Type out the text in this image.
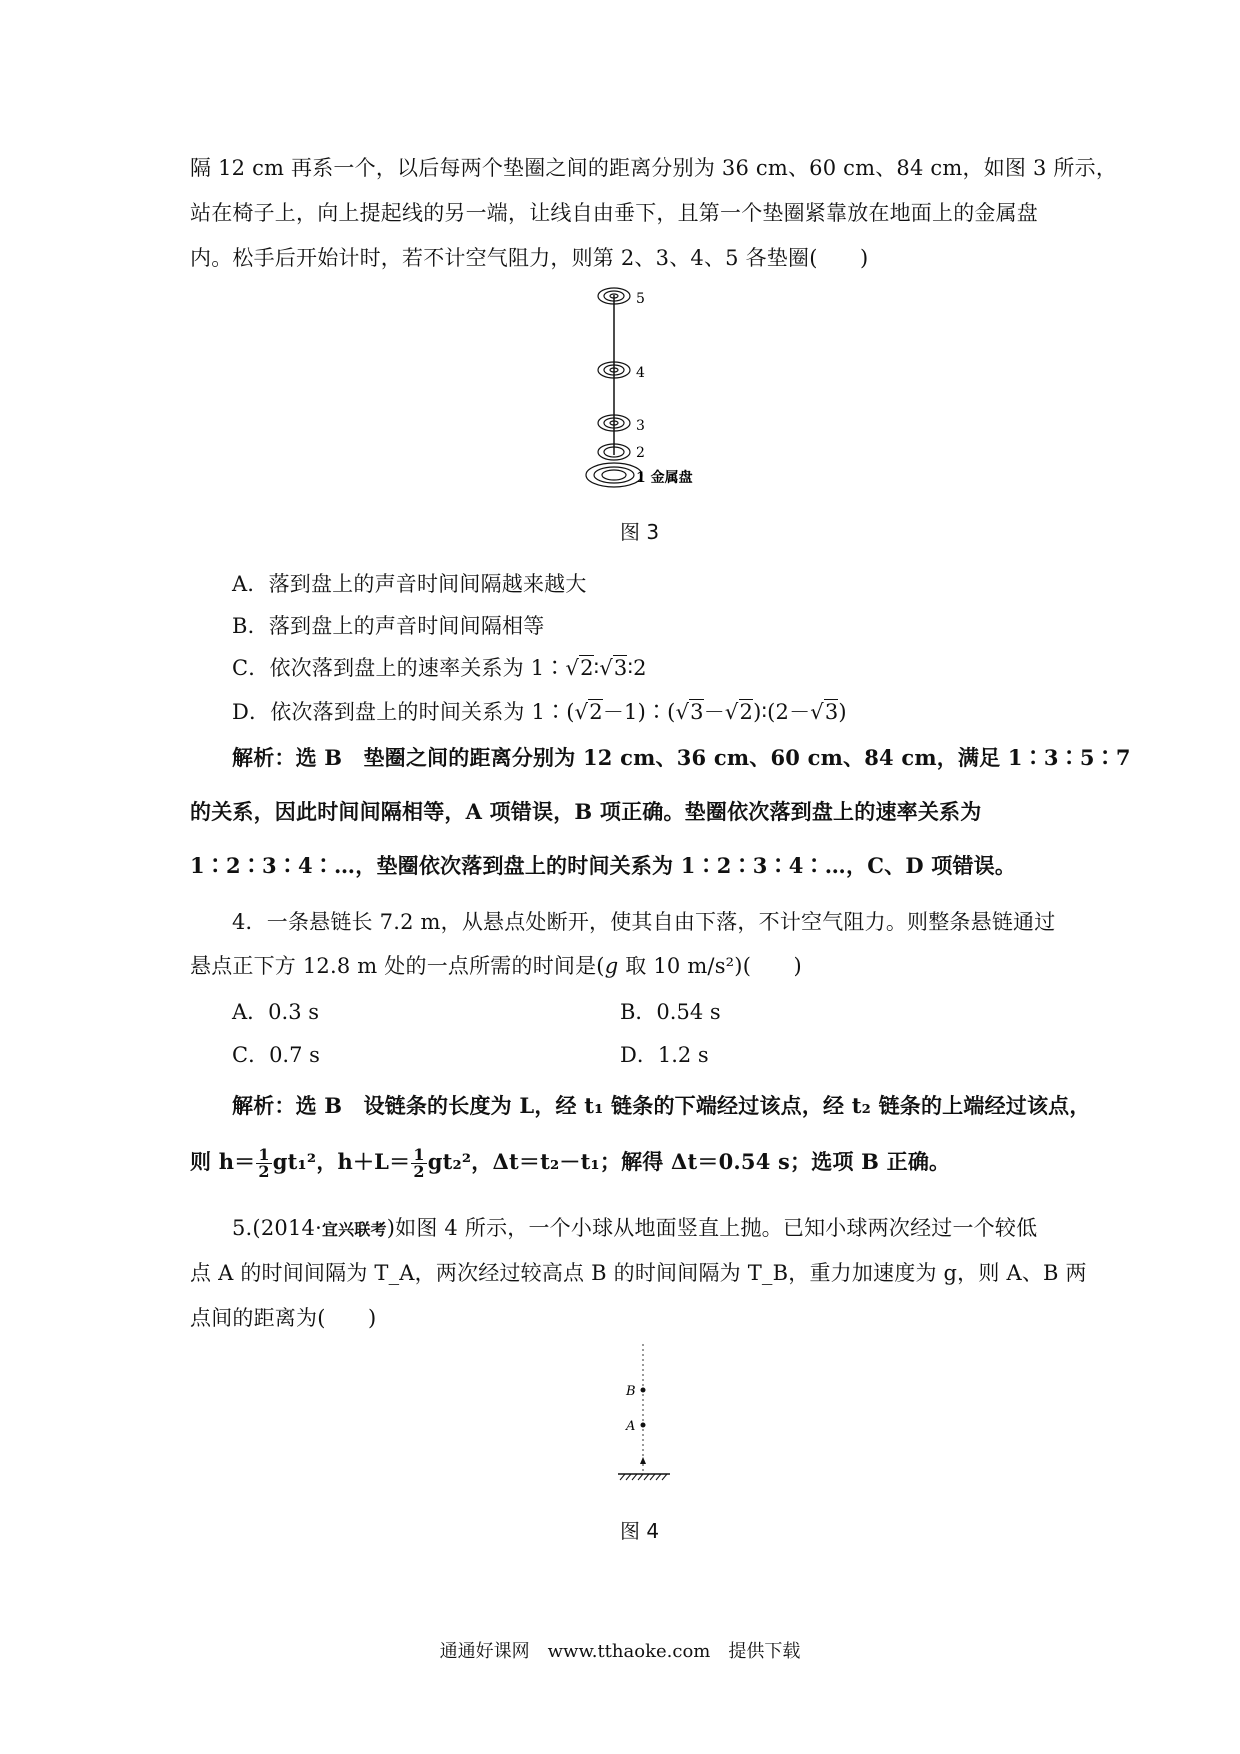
隔 12 cm 再系一个，以后每两个垫圈之间的距离分别为 36 cm、60 cm、84 cm，如图 3 所示，
站在椅子上，向上提起线的另一端，让线自由垂下，且第一个垫圈紧靠放在地面上的金属盘
内。松手后开始计时，若不计空气阻力，则第 2、3、4、5 各垫圈(　　)
5
4
3
2
1 金属盘
图 3
A．落到盘上的声音时间间隔越来越大
B．落到盘上的声音时间间隔相等
C．依次落到盘上的速率关系为 1∶√2∶√3∶2
D．依次落到盘上的时间关系为 1∶(√2－1)∶(√3－√2)∶(2－√3)
解析：选 B　垫圈之间的距离分别为 12 cm、36 cm、60 cm、84 cm，满足 1∶3∶5∶7
的关系，因此时间间隔相等，A 项错误，B 项正确。垫圈依次落到盘上的速率关系为
1∶2∶3∶4∶…，垫圈依次落到盘上的时间关系为 1∶2∶3∶4∶…，C、D 项错误。
4．一条悬链长 7.2 m，从悬点处断开，使其自由下落，不计空气阻力。则整条悬链通过
悬点正下方 12.8 m 处的一点所需的时间是(g 取 10 m/s²)(　　)
A．0.3 s	B．0.54 s
C．0.7 s	D．1.2 s
解析：选 B　设链条的长度为 L，经 t₁ 链条的下端经过该点，经 t₂ 链条的上端经过该点，
则 $h= \frac{1}{2} gt_1^2$，$h+L= \frac{1}{2} gt_2^2$，Δt＝t₂－t₁；解得 Δt＝0.54 s；选项 B 正确。
5.(2014·宜兴联考)如图 4 所示，一个小球从地面竖直上抛。已知小球两次经过一个较低
点 A 的时间间隔为 T_A，两次经过较高点 B 的时间间隔为 T_B，重力加速度为 g，则 A、B 两
点间的距离为(　　)
B
A
图 4
通通好课网　www.tthaoke.com　提供下载
